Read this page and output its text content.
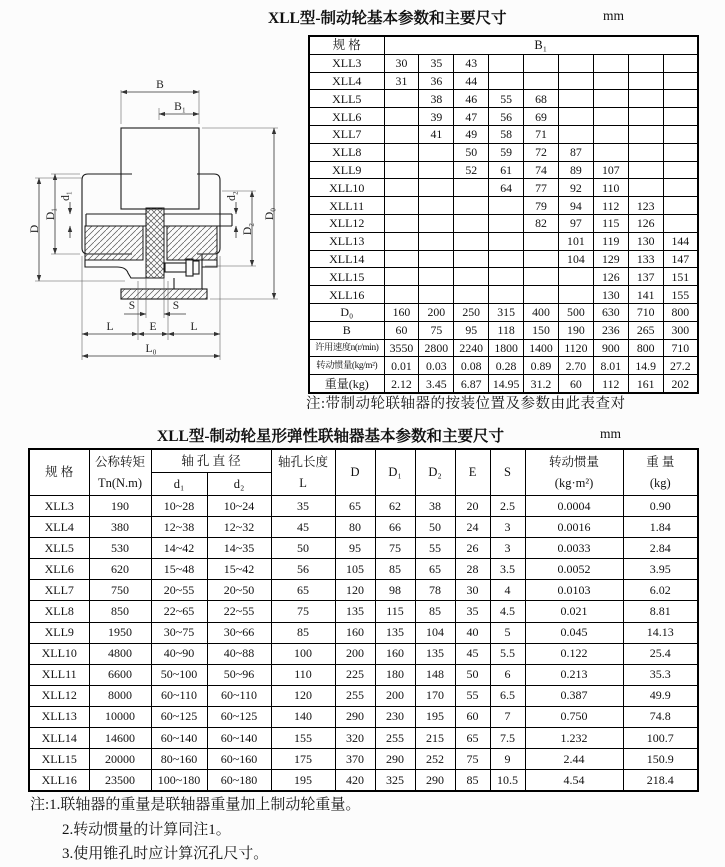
XLL型-制动轮基本参数和主要尺寸	mm
B
B₁
D
D₁
d₁	d₂
D₂
D₀
S	S
L	E	L
L₀
规 格	B₁								
XLL3	30	35	43						
XLL4	31	36	44						
XLL5		38	46	55	68				
XLL6		39	47	56	69				
XLL7		41	49	58	71				
XLL8			50	59	72	87			
XLL9			52	61	74	89	107		
XLL10				64	77	92	110		
XLL11					79	94	112	123	
XLL12					82	97	115	126	
XLL13						101	119	130	144
XLL14						104	129	133	147
XLL15							126	137	151
XLL16							130	141	155
D₀	160	200	250	315	400	500	630	710	800
B	60	75	95	118	150	190	236	265	300
许用速度n(r/min)	3550	2800	2240	1800	1400	1120	900	800	710
转动惯量(kg/m²)	0.01	0.03	0.08	0.28	0.89	2.70	8.01	14.9	27.2
重量(kg)	2.12	3.45	6.87	14.95	31.2	60	112	161	202
注:带制动轮联轴器的按装位置及参数由此表查对
XLL型-制动轮星形弹性联轴器基本参数和主要尺寸	mm
规 格	
公称转矩
Tn(N.m)
	轴 孔 直 径	轴孔长度
L
	D	D₁	D₂	E	S	
转动惯量
(kg·m²)

重 量
(kg)

		d₁	d₂								
XLL3	190	10~28	10~24	35	65	62	38	20	2.5	0.0004	0.90
XLL4	380	12~38	12~32	45	80	66	50	24	3	0.0016	1.84
XLL5	530	14~42	14~35	50	95	75	55	26	3	0.0033	2.84
XLL6	620	15~48	15~42	56	105	85	65	28	3.5	0.0052	3.95
XLL7	750	20~55	20~50	65	120	98	78	30	4	0.0103	6.02
XLL8	850	22~65	22~55	75	135	115	85	35	4.5	0.021	8.81
XLL9	1950	30~75	30~66	85	160	135	104	40	5	0.045	14.13
XLL10	4800	40~90	40~88	100	200	160	135	45	5.5	0.122	25.4
XLL11	6600	50~100	50~96	110	225	180	148	50	6	0.213	35.3
XLL12	8000	60~110	60~110	120	255	200	170	55	6.5	0.387	49.9
XLL13	10000	60~125	60~125	140	290	230	195	60	7	0.750	74.8
XLL14	14600	60~140	60~140	155	320	255	215	65	7.5	1.232	100.7
XLL15	20000	80~160	60~160	175	370	290	252	75	9	2.44	150.9
XLL16	23500	100~180	60~180	195	420	325	290	85	10.5	4.54	218.4
注:1.联轴器的重量是联轴器重量加上制动轮重量。
2.转动惯量的计算同注1。
3.使用锥孔时应计算沉孔尺寸。
